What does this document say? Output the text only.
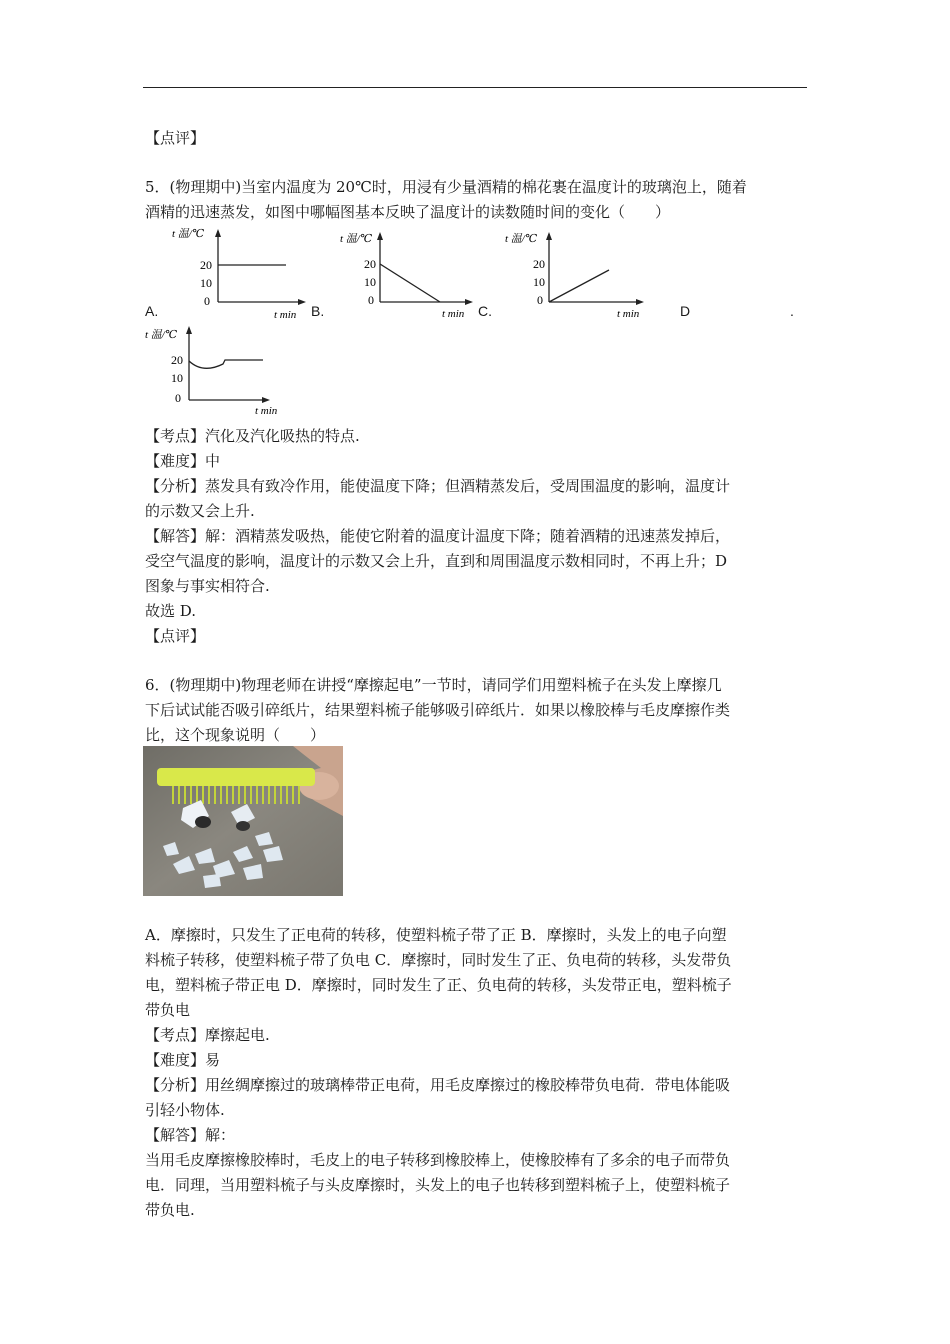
【点评】
5．(物理期中)当室内温度为 20℃时，用浸有少量酒精的棉花裹在温度计的玻璃泡上，随着
酒精的迅速蒸发，如图中哪幅图基本反映了温度计的读数随时间的变化（　　）
t 温/℃
20
10
0
t min
t 温/℃
20
10
0
t min
t 温/℃
20
10
0
t min
A.	B.	C.	D	.
t 温/℃
20
10
0
t min
【考点】汽化及汽化吸热的特点.
【难度】中
【分析】蒸发具有致冷作用，能使温度下降；但酒精蒸发后，受周围温度的影响，温度计
的示数又会上升.
【解答】解：酒精蒸发吸热，能使它附着的温度计温度下降；随着酒精的迅速蒸发掉后，
受空气温度的影响，温度计的示数又会上升，直到和周围温度示数相同时，不再上升；D
图象与事实相符合.
故选 D.
【点评】
6．(物理期中)物理老师在讲授“摩擦起电”一节时，请同学们用塑料梳子在头发上摩擦几
下后试试能否吸引碎纸片，结果塑料梳子能够吸引碎纸片．如果以橡胶棒与毛皮摩擦作类
比，这个现象说明（　　）
A．摩擦时，只发生了正电荷的转移，使塑料梳子带了正 B．摩擦时，头发上的电子向塑
料梳子转移，使塑料梳子带了负电 C．摩擦时，同时发生了正、负电荷的转移，头发带负
电，塑料梳子带正电 D．摩擦时，同时发生了正、负电荷的转移，头发带正电，塑料梳子
带负电
【考点】摩擦起电.
【难度】易
【分析】用丝绸摩擦过的玻璃棒带正电荷，用毛皮摩擦过的橡胶棒带负电荷．带电体能吸
引轻小物体.
【解答】解：
当用毛皮摩擦橡胶棒时，毛皮上的电子转移到橡胶棒上，使橡胶棒有了多余的电子而带负
电．同理，当用塑料梳子与头皮摩擦时，头发上的电子也转移到塑料梳子上，使塑料梳子
带负电.
